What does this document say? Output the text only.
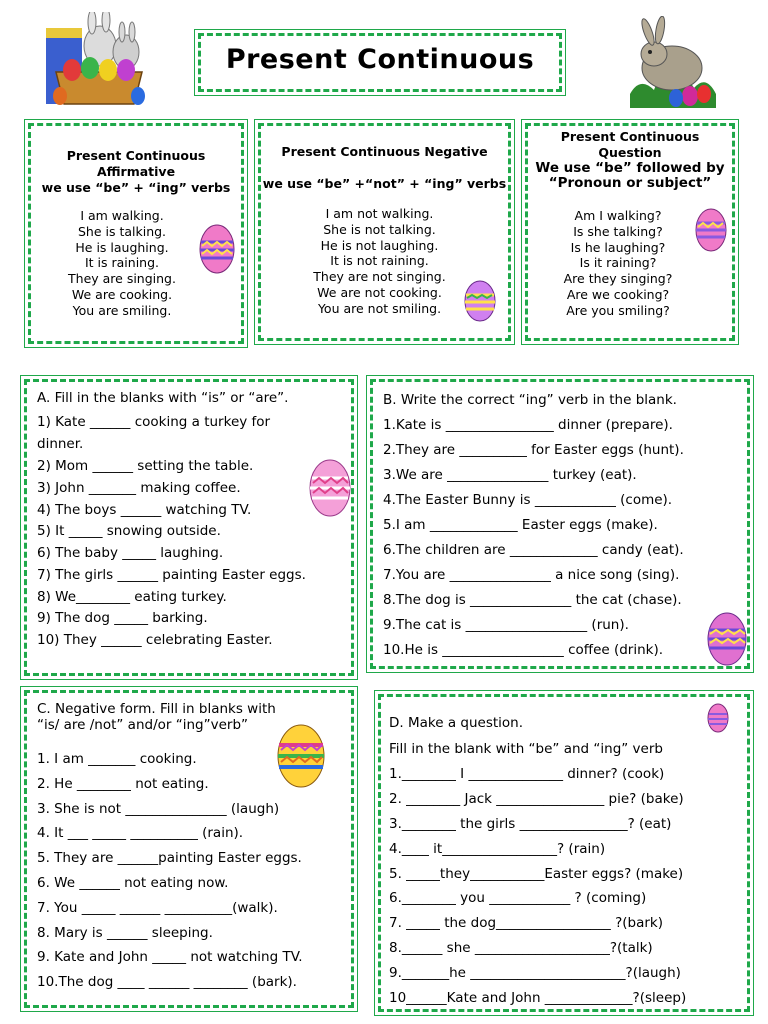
Present Continuous
Present Continuous
Affirmative
we use “be” + “ing” verbs
I am walking.
She is talking.
He is laughing.
It is raining.
They are singing.
We are cooking.
You are smiling.
Present Continuous Negative
we use “be” +“not” + “ing” verbs
I am not walking.
She is not talking.
He is not laughing.
It is not raining.
They are not singing.
We are not cooking.
You are not smiling.
Present Continuous
Question
We use “be” followed by
“Pronoun or subject”
Am I walking?
Is she talking?
Is he laughing?
Is it raining?
Are they singing?
Are we cooking?
Are you smiling?
A. Fill in the blanks with “is” or “are”.
1) Kate ______ cooking a turkey for
dinner.
2) Mom ______ setting the table.
3) John _______ making coffee.
4) The boys ______ watching TV.
5) It _____ snowing outside.
6) The baby _____ laughing.
7) The girls ______ painting Easter eggs.
8) We________ eating turkey.
9) The dog _____ barking.
10) They ______ celebrating Easter.
B. Write the correct “ing” verb in the blank.
1.Kate is ________________ dinner (prepare).
2.They are __________ for Easter eggs (hunt).
3.We are _______________ turkey (eat).
4.The Easter Bunny is ____________ (come).
5.I am _____________ Easter eggs (make).
6.The children are _____________ candy (eat).
7.You are _______________ a nice song (sing).
8.The dog is _______________ the cat (chase).
9.The cat is __________________ (run).
10.He is __________________ coffee (drink).
C. Negative form. Fill in blanks with
“is/ are /not” and/or “ing”verb”
1. I am _______ cooking.
2. He ________ not eating.
3. She is not _______________ (laugh)
4. It ___ _____ __________ (rain).
5. They are ______painting Easter eggs.
6. We ______ not eating now.
7. You _____ ______ __________(walk).
8. Mary is ______ sleeping.
9. Kate and John _____ not watching TV.
10.The dog ____ ______ ________ (bark).
D. Make a question.
Fill in the blank with “be” and “ing” verb
1.________ I ______________ dinner? (cook)
2. ________ Jack ________________ pie? (bake)
3.________ the girls ________________? (eat)
4.____ it_________________? (rain)
5. _____they___________Easter eggs? (make)
6.________ you ____________ ? (coming)
7. _____ the dog_________________ ?(bark)
8.______ she ____________________?(talk)
9._______he _______________________?(laugh)
10______Kate and John _____________?(sleep)
